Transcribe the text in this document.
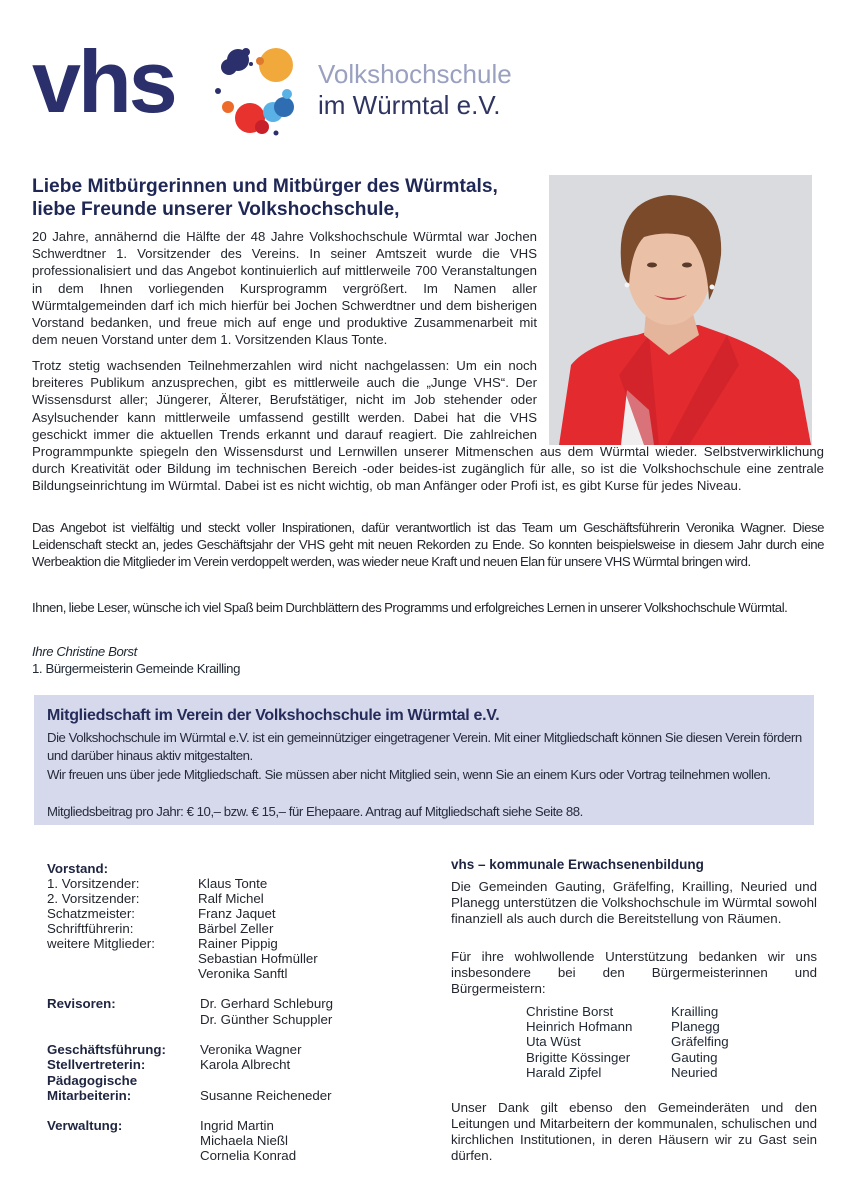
vhs	Volkshochschule
im Würmtal e.V.
Liebe Mitbürgerinnen und Mitbürger des Würmtals,
liebe Freunde unserer Volkshochschule,

20 Jahre, annähernd die Hälfte der 48 Jahre Volkshochschule Würmtal war Jochen Schwerdtner 1. Vorsitzender des Vereins. In seiner Amtszeit wurde die VHS professionalisiert und das Angebot kontinuierlich auf mittlerweile 700 Veranstaltungen in dem Ihnen vorliegenden Kursprogramm vergrößert. Im Namen aller Würmtalgemeinden darf ich mich hierfür bei Jochen Schwerdtner und dem bisherigen Vorstand bedanken, und freue mich auf enge und produktive Zusammenarbeit mit dem neuen Vorstand unter dem 1. Vorsitzenden Klaus Tonte.

Trotz stetig wachsenden Teilnehmerzahlen wird nicht nachgelassen: Um ein noch breiteres Publikum anzusprechen, gibt es mittlerweile auch die „Junge VHS“. Der Wissensdurst aller; Jüngerer, Älterer, Berufstätiger, nicht im Job stehender oder Asylsuchender kann mittlerweile umfassend gestillt werden. Dabei hat die VHS geschickt immer die aktuellen Trends erkannt und darauf reagiert. Die zahlreichen Programmpunkte spiegeln den Wissensdurst und Lernwillen unserer Mitmenschen aus dem Würmtal wieder. Selbstverwirklichung durch Kreativität oder Bildung im technischen Bereich -oder beides-ist zugänglich für alle, so ist die Volkshochschule eine zentrale Bildungseinrichtung im Würmtal. Dabei ist es nicht wichtig, ob man Anfänger oder Profi ist, es gibt Kurse für jedes Niveau.

Das Angebot ist vielfältig und steckt voller Inspirationen, dafür verantwortlich ist das Team um Geschäftsführerin Veronika Wagner. Diese Leidenschaft steckt an, jedes Geschäftsjahr der VHS geht mit neuen Rekorden zu Ende. So konnten beispielsweise in diesem Jahr durch eine Werbeaktion die Mitglieder im Verein verdoppelt werden, was wieder neue Kraft und neuen Elan für unsere VHS Würmtal bringen wird.

Ihnen, liebe Leser, wünsche ich viel Spaß beim Durchblättern des Programms und erfolgreiches Lernen in unserer Volkshochschule Würmtal.

Ihre Christine Borst
1. Bürgermeisterin Gemeinde Krailling
Mitgliedschaft im Verein der Volkshochschule im Würmtal e.V.

Die Volkshochschule im Würmtal e.V. ist ein gemeinnütziger eingetragener Verein. Mit einer Mitgliedschaft können Sie diesen Verein fördern und darüber hinaus aktiv mitgestalten.

Wir freuen uns über jede Mitgliedschaft. Sie müssen aber nicht Mitglied sein, wenn Sie an einem Kurs oder Vortrag teilnehmen wollen.

Mitgliedsbeitrag pro Jahr: € 10,– bzw. € 15,– für Ehepaare. Antrag auf Mitgliedschaft siehe Seite 88.

Vorstand:
1. Vorsitzender:	Klaus Tonte
2. Vorsitzender:	Ralf Michel
Schatzmeister:	Franz Jaquet
Schriftführerin:	Bärbel Zeller
weitere Mitglieder:	Rainer Pippig
Sebastian Hofmüller
Veronika Sanftl
Revisoren:	Dr. Gerhard Schleburg
Dr. Günther Schuppler
Geschäftsführung:	Veronika Wagner
Stellvertreterin:	Karola Albrecht
Pädagogische
Mitarbeiterin:	Susanne Reicheneder
Verwaltung:	Ingrid Martin
Michaela Nießl
Cornelia Konrad
vhs – kommunale Erwachsenenbildung

Die Gemeinden Gauting, Gräfelfing, Krailling, Neuried und Planegg unterstützen die Volkshochschule im Würmtal sowohl finanziell als auch durch die Bereitstellung von Räumen.

Für ihre wohlwollende Unterstützung bedanken wir uns insbesondere bei den Bürgermeisterinnen und Bürgermeistern:

Christine Borst	Krailling
Heinrich Hofmann	Planegg
Uta Wüst	Gräfelfing
Brigitte Kössinger	Gauting
Harald Zipfel	Neuried

Unser Dank gilt ebenso den Gemeinderäten und den Leitungen und Mitarbeitern der kommunalen, schulischen und kirchlichen Institutionen, in deren Häusern wir zu Gast sein dürfen.
